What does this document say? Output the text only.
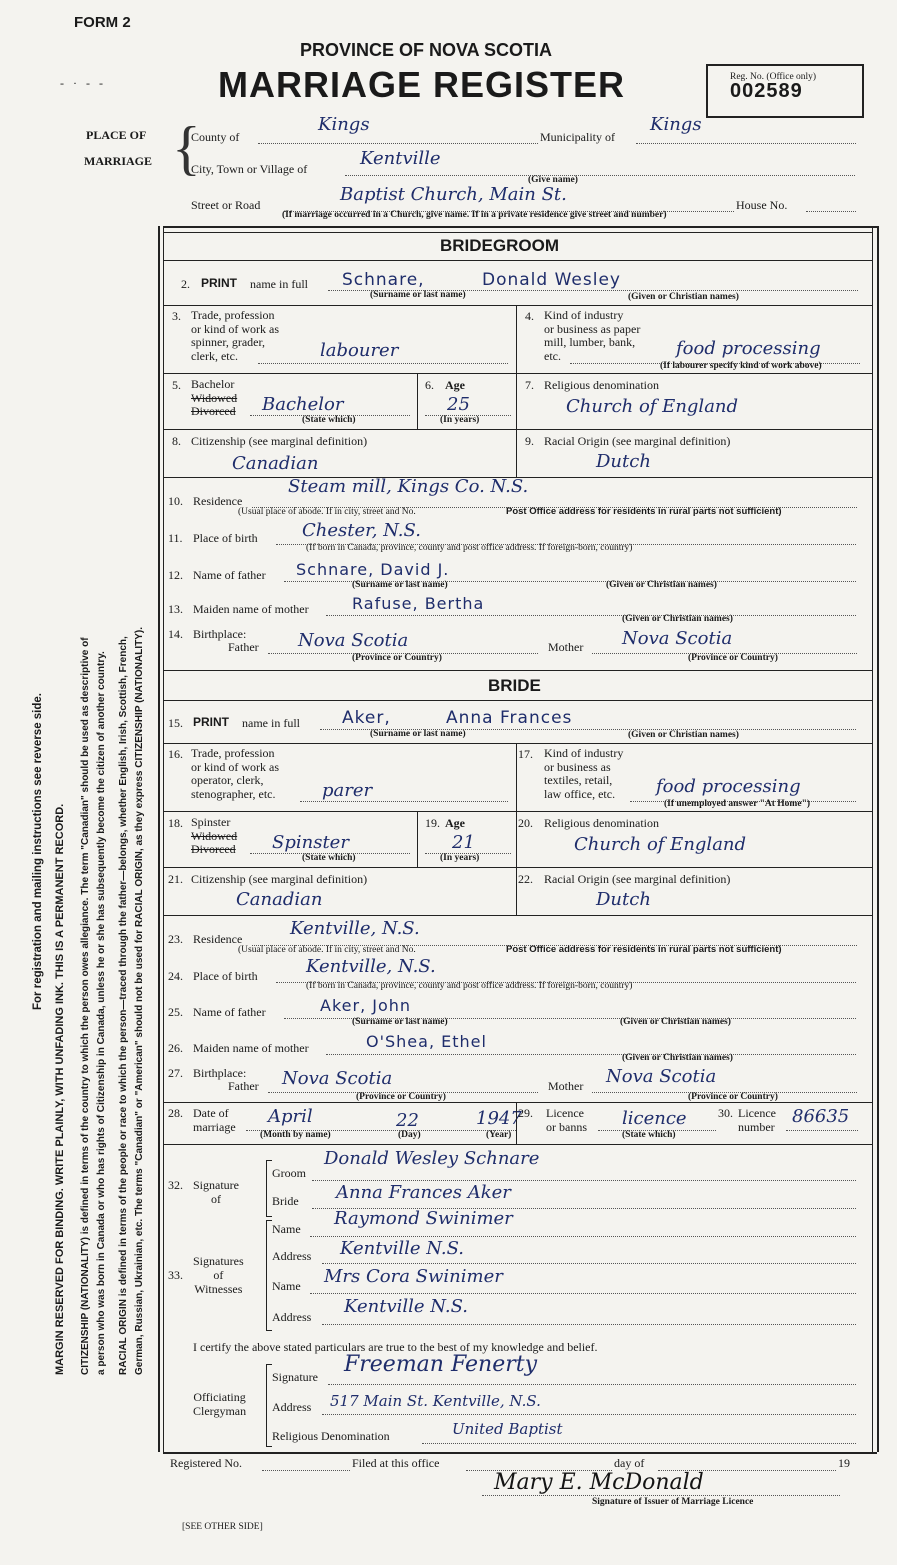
FORM 2
PROVINCE OF NOVA SCOTIA
MARRIAGE REGISTER	Reg. No. (Office only)
002589
- · - -
PLACE OF
MARRIAGE {
County of
Kings
Municipality of
Kings
City, Town or Village of	Kentville
(Give name)
Street or Road	Baptist Church, Main St.	House No.
(If marriage occurred in a Church, give name. If in a private residence give street and number)
For registration and mailing instructions see reverse side. MARGIN RESERVED FOR BINDING. WRITE PLAINLY, WITH UNFADING INK. THIS IS A PERMANENT RECORD. CITIZENSHIP (NATIONALITY) is defined in terms of the country to which the person owes allegiance. The term "Canadian" should be used as descriptive of a person who was born in Canada or who has rights of Citizenship in Canada, unless he or she has subsequently become the citizen of another country. RACIAL ORIGIN is defined in terms of the people or race to which the person—traced through the father—belongs, whether English, Irish, Scottish, French, German, Russian, Ukrainian, etc. The terms "Canadian" or "American" should not be used for RACIAL ORIGIN, as they express CITIZENSHIP (NATIONALITY).
BRIDEGROOM
2. PRINT name in full Schnare,	Donald Wesley
(Surname or last name)	(Given or Christian names)
3. Trade, profession
or kind of work as
spinner, grader,
clerk, etc.	labourer
4. Kind of industry
or business as paper
mill, lumber, bank,
etc.	food processing
(If labourer specify kind of work above)
5. Bachelor
Widowed
Divorced Bachelor
(State which)
6. Age
25
(In years)
7. Religious denomination
Church of England
8. Citizenship (see marginal definition)
Canadian
9. Racial Origin (see marginal definition)
Dutch
10. Residence
Steam mill, Kings Co. N.S.
(Usual place of abode. If in city, street and No.	Post Office address for residents in rural parts not sufficient)
11. Place of birth Chester, N.S.
(If born in Canada, province, county and post office address. If foreign-born, country)
12. Name of father Schnare, David J.
(Surname or last name)	(Given or Christian names)
13. Maiden name of mother	Rafuse, Bertha
(Given or Christian names)
14. Birthplace:
Father Nova Scotia
(Province or Country)
Mother Nova Scotia
(Province or Country)
BRIDE
15. PRINT name in full Aker,	Anna Frances
(Surname or last name)	(Given or Christian names)
16. Trade, profession
or kind of work as
operator, clerk,
stenographer, etc.	parer
17. Kind of industry
or business as
textiles, retail,
law office, etc.	food processing
(If unemployed answer "At Home")
18. Spinster
Widowed
Divorced Spinster
(State which)
19. Age
21
(In years)
20. Religious denomination
Church of England
21. Citizenship (see marginal definition)
Canadian
22. Racial Origin (see marginal definition)
Dutch
23. Residence	Kentville, N.S.
(Usual place of abode. If in city, street and No.	Post Office address for residents in rural parts not sufficient)
24. Place of birth	Kentville, N.S.
(If born in Canada, province, county and post office address. If foreign-born, country)
25. Name of father	Aker, John
(Surname or last name)	(Given or Christian names)
26. Maiden name of mother	O'Shea, Ethel
(Given or Christian names)
27. Birthplace:
Father Nova Scotia
(Province or Country)
Mother Nova Scotia
(Province or Country)
28. Date of
marriage April	22	1947
(Month by name)	(Day)	(Year)
29. Licence
or banns licence
(State which)
30. Licence
number 86635
32. Signature
of
Groom
Donald Wesley Schnare
Bride Anna Frances Aker
33.
Signatures
of
Witnesses
Name Raymond Swinimer
Address Kentville N.S.
Name Mrs Cora Swinimer
Address Kentville N.S.
I certify the above stated particulars are true to the best of my knowledge and belief.
Officiating
Clergyman
Signature Freeman Fenerty
Address 517 Main St. Kentville, N.S.
Religious Denomination	United Baptist
Registered No.	Filed at this office	day of	19
Mary E. McDonald
Signature of Issuer of Marriage Licence
[SEE OTHER SIDE]
